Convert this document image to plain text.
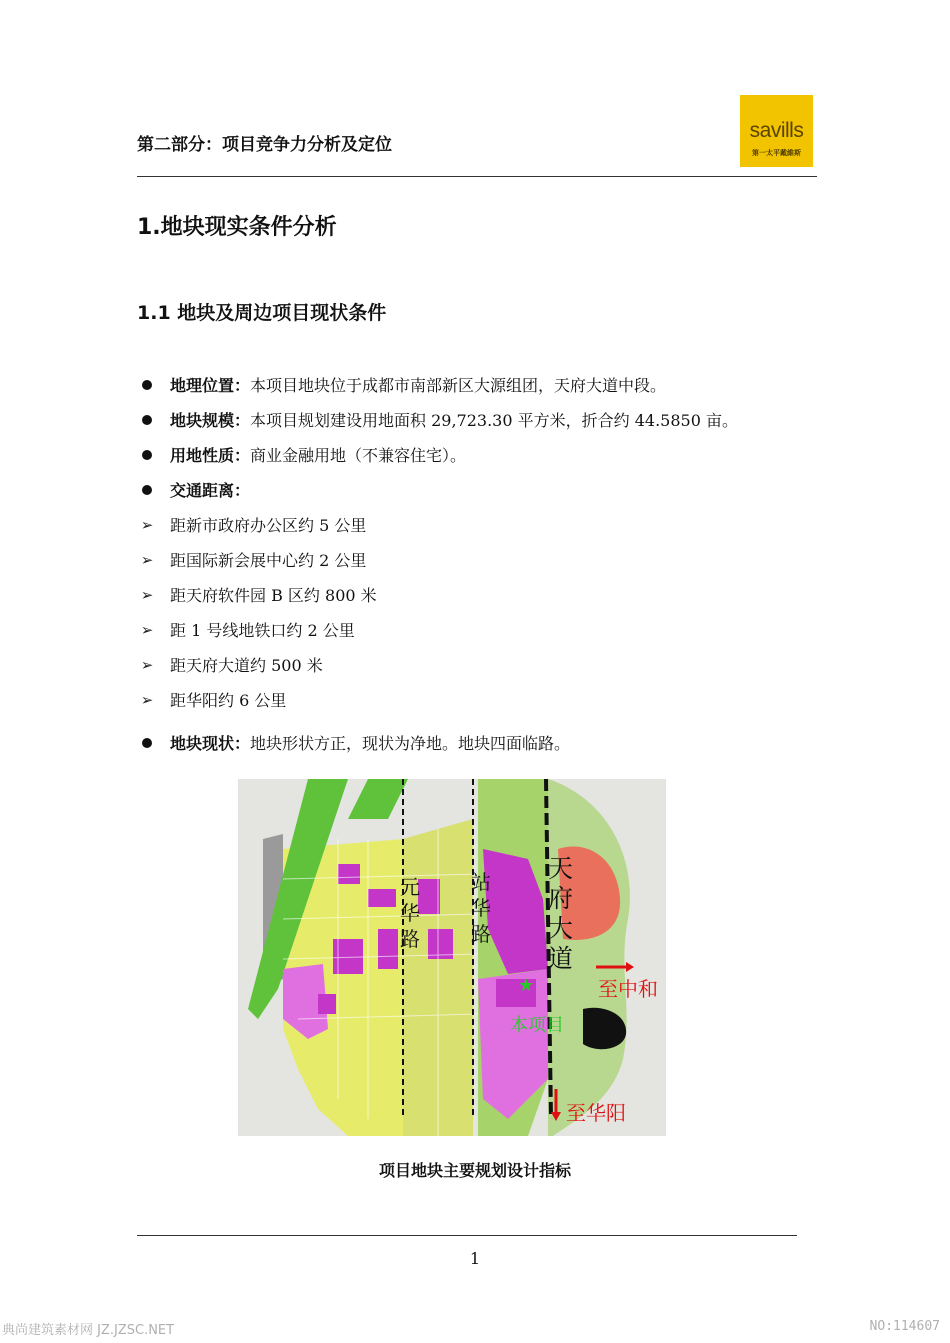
第二部分：项目竞争力分析及定位
savills
第一太平戴維斯
1.地块现实条件分析
1.1 地块及周边项目现状条件
地理位置：本项目地块位于成都市南部新区大源组团，天府大道中段。
地块规模：本项目规划建设用地面积 29,723.30 平方米，折合约 44.5850 亩。
用地性质：商业金融用地（不兼容住宅）。
交通距离：
➢ 距新市政府办公区约 5 公里
➢ 距国际新会展中心约 2 公里
➢ 距天府软件园 B 区约 800 米
➢ 距 1 号线地铁口约 2 公里
➢ 距天府大道约 500 米
➢ 距华阳约 6 公里
地块现状：地块形状方正，现状为净地。地块四面临路。
元华路
站华路
天府大道
★
本项目
至中和
至华阳
项目地块主要规划设计指标
1
典尚建筑素材网 JZ.JZSC.NET	NO:114607
